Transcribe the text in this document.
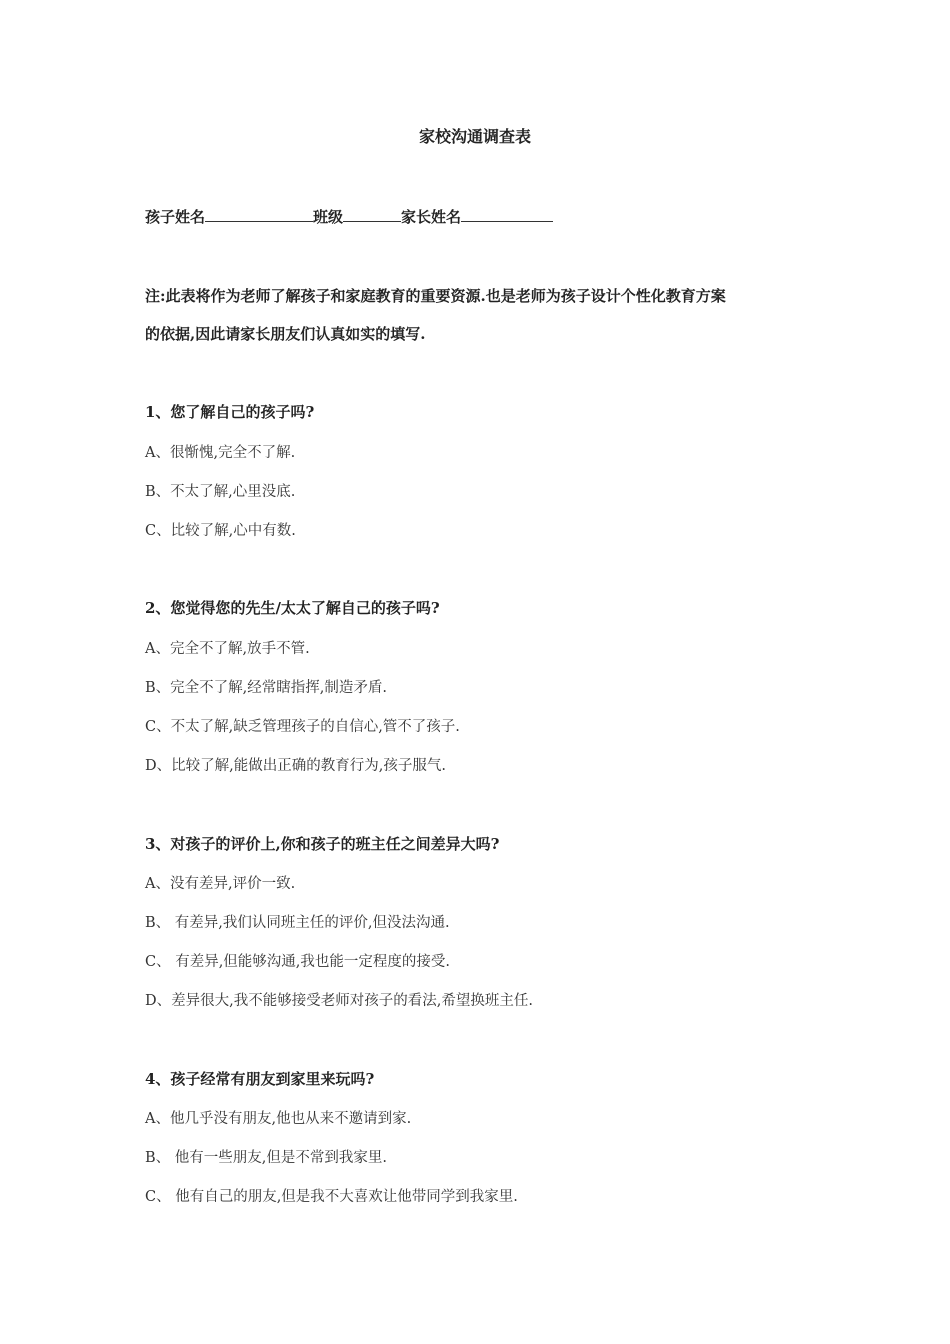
家校沟通调查表
孩子姓名	班级	家长姓名
注:此表将作为老师了解孩子和家庭教育的重要资源.也是老师为孩子设计个性化教育方案
的依据,因此请家长朋友们认真如实的填写.
1、您了解自己的孩子吗?
A、很惭愧,完全不了解.
B、不太了解,心里没底.
C、比较了解,心中有数.
2、您觉得您的先生/太太了解自己的孩子吗?
A、完全不了解,放手不管.
B、完全不了解,经常瞎指挥,制造矛盾.
C、不太了解,缺乏管理孩子的自信心,管不了孩子.
D、比较了解,能做出正确的教育行为,孩子服气.
3、对孩子的评价上,你和孩子的班主任之间差异大吗?
A、没有差异,评价一致.
B、 有差异,我们认同班主任的评价,但没法沟通.
C、 有差异,但能够沟通,我也能一定程度的接受.
D、差异很大,我不能够接受老师对孩子的看法,希望换班主任.
4、孩子经常有朋友到家里来玩吗?
A、他几乎没有朋友,他也从来不邀请到家.
B、 他有一些朋友,但是不常到我家里.
C、 他有自己的朋友,但是我不大喜欢让他带同学到我家里.
